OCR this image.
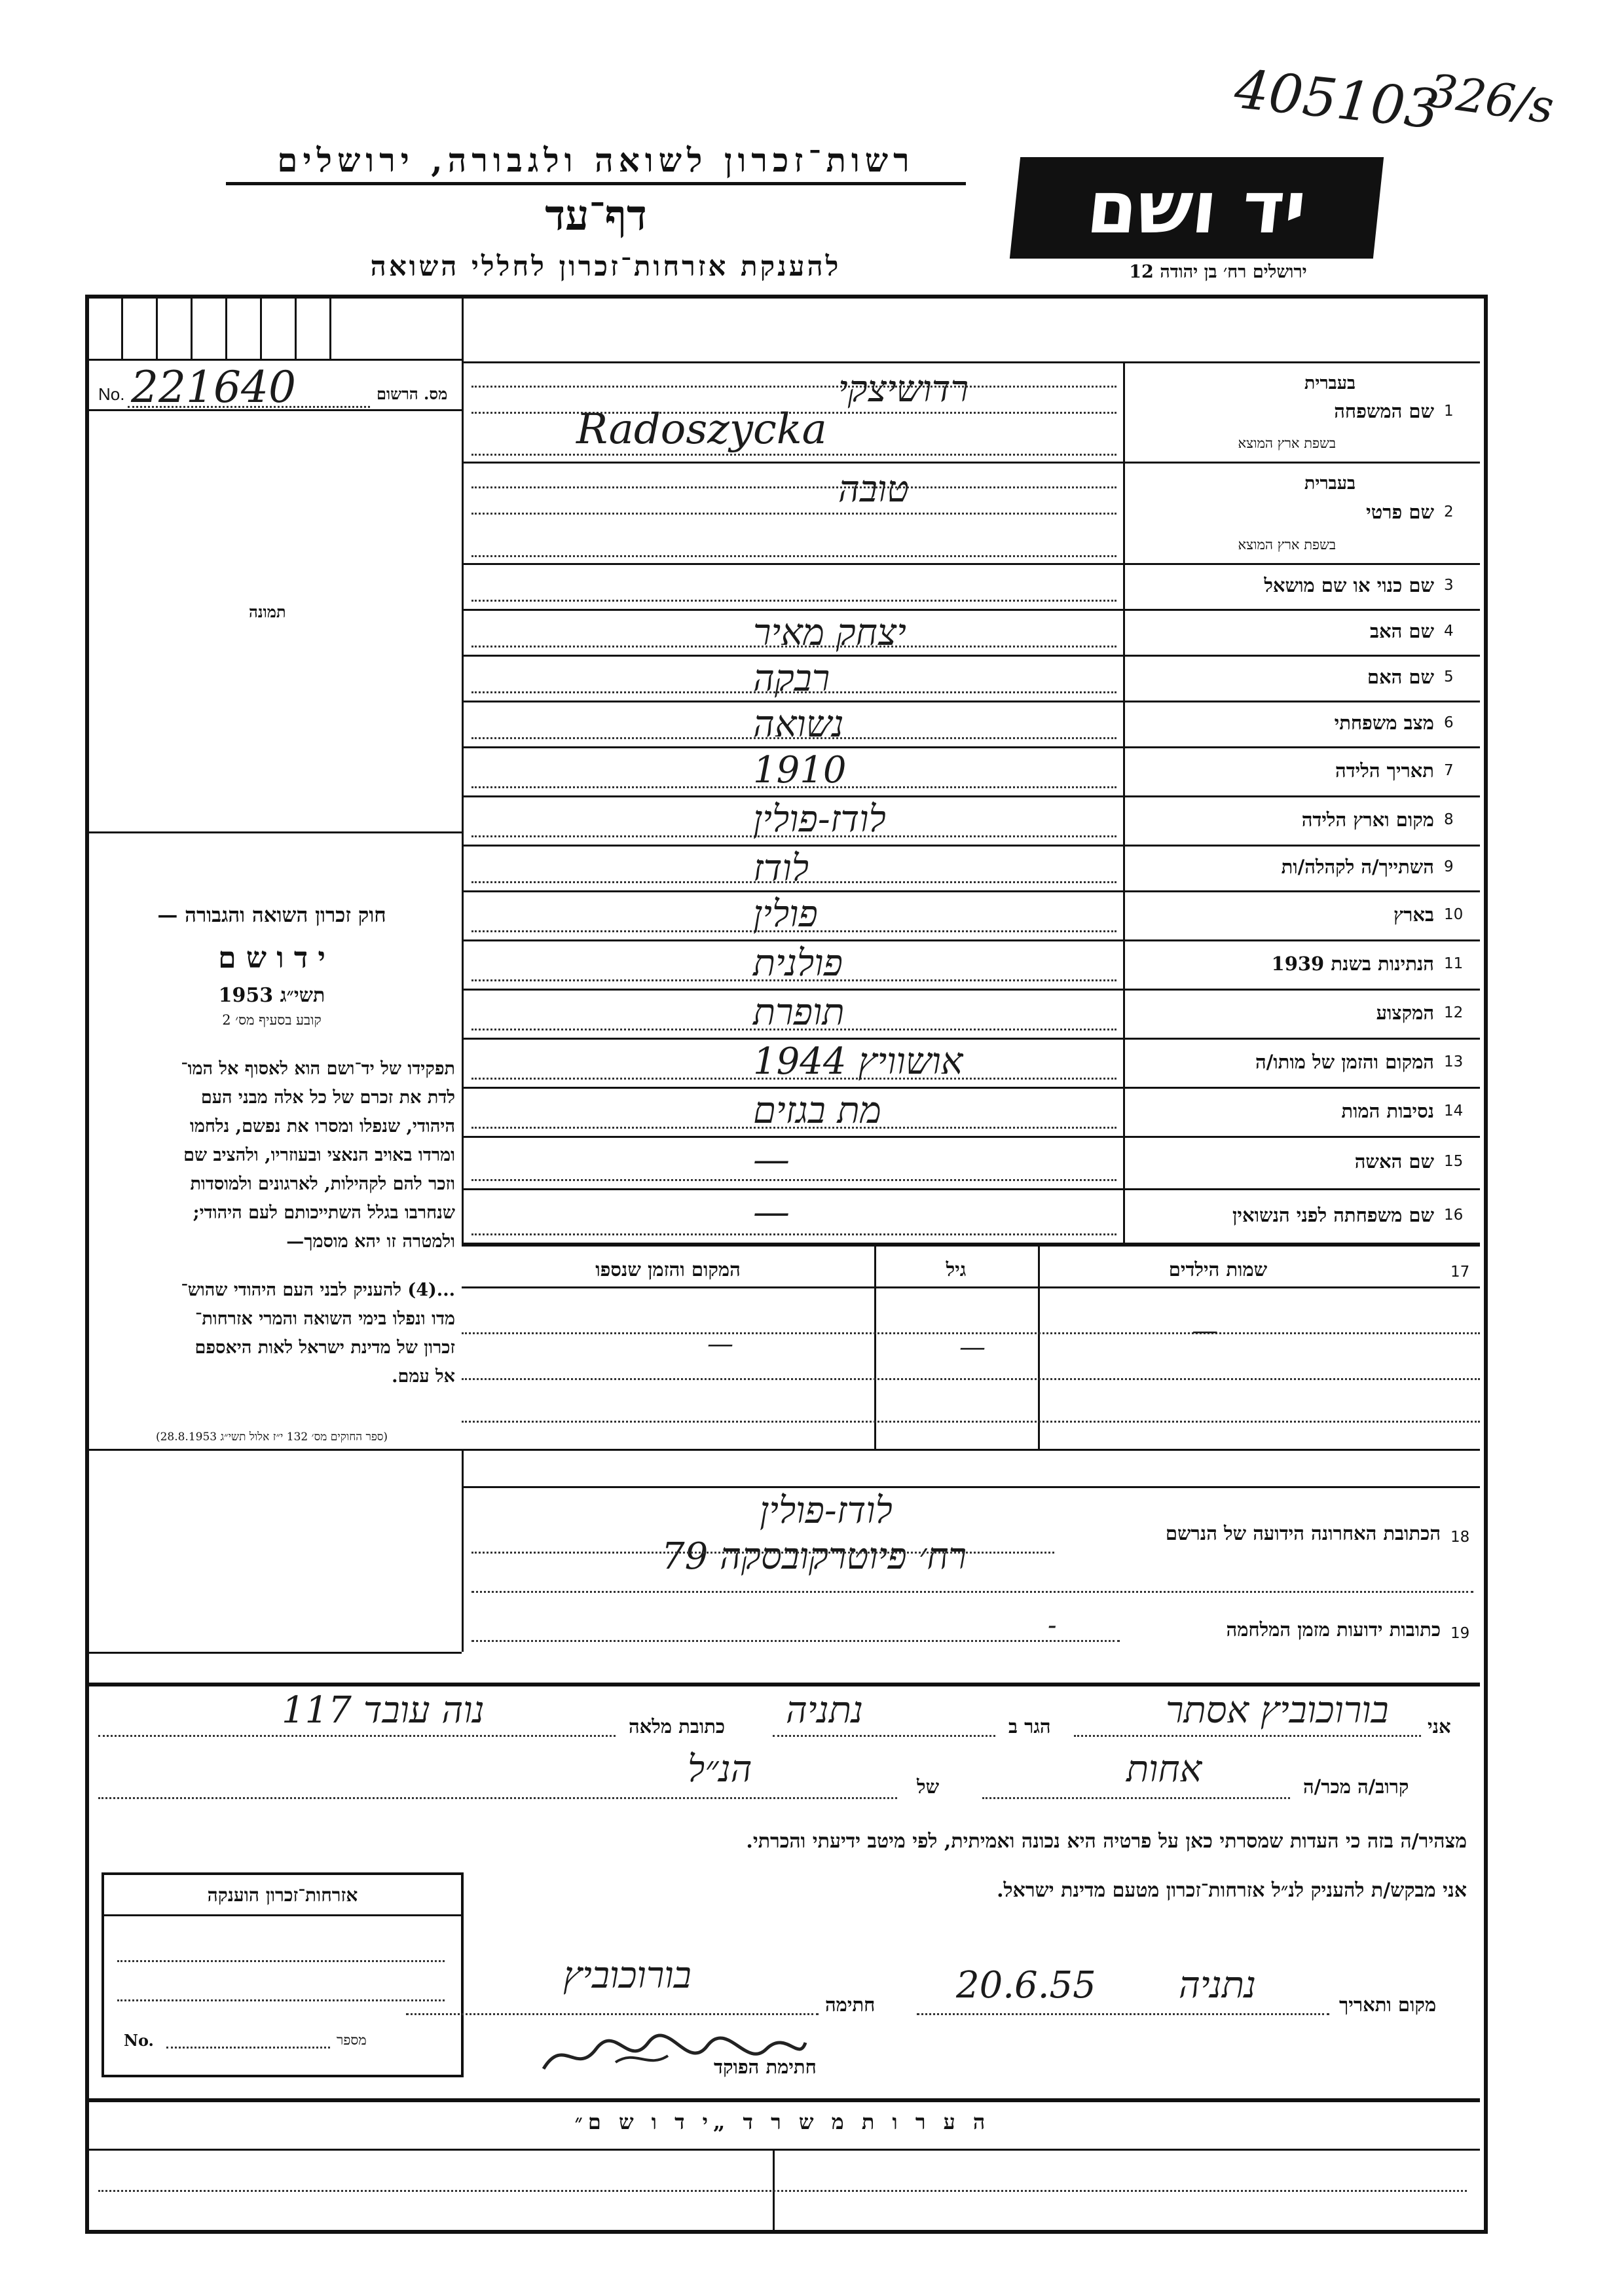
405103
326/s
רשות־זכרון לשואה ולגבורה, ירושלים
דף־עד
להענקת אזרחות־זכרון לחללי השואה
יד ושם
ירושלים רח׳ בן יהודה 12
No. 221640	מס. הרשום
תמונה
חוק זכרון השואה והגבורה —
י ד ו ש ם
תשי״ג 1953
קובע בסעיף מס׳ 2
תפקידו של יד־ושם הוא לאסוף אל המו־
לדת את זכרם של כל אלה מבני העם
היהודי, שנפלו ומסרו את נפשם, נלחמו
ומרדו באויב הנאצי ובעוזריו, ולהציב שם
וזכר להם לקהילות, לארגונים ולמוסדות
שנחרבו בגלל השתייכותם לעם היהודי;
ולמטרה זו יהא מוסמך—
...(4) להעניק לבני העם היהודי שהוש־
מדו ונפלו בימי השואה והמרי אזרחות־
זכרון של מדינת ישראל לאות היאספם
אל עמם.
(ספר החוקים מס׳ 132 י״ז אלול תשי״ג 28.8.1953)
1
שם המשפחה
בעברית
בשפת ארץ המוצא
רדושיצקי
Radoszycka
2
שם פרטי
בעברית
בשפת ארץ המוצא
טובה
3
שם כנוי או שם מושאל
4
שם האב
יצחק מאיר
5
שם האם
רבקה
6
מצב משפחתי
נשואה
7
תאריך הלידה
1910
8
מקום וארץ הלידה
לודז-פולין
9
השתייך/ה לקהלה/ות
לודז
10
בארץ
פולין
11
הנתינות בשנת 1939
פולנית
12
המקצוע
תופרת
13
המקום והזמן של מותו/ה
אושוויץ 1944
14
נסיבות המות
מת בגזים
15
שם האשה
—
16
שם משפחתה לפני הנשואין
—
17
שמות הילדים
גיל
המקום והזמן שנספו
—
—
—
18
הכתובת האחרונה הידועה של הנרשם
לודז-פולין
רח׳ פיוטרקובסקה 79
19
כתובות ידועות מזמן המלחמה
-
אני
בורוכוביץ אסתר
הגר ב
נתניה
כתובת מלאה
נוה עובד 117
קרוב/ה מכר/ה
אחות
של
הנ״ל
מצהיר/ה בזה כי העדות שמסרתי כאן על פרטיה היא נכונה ואמיתית, לפי מיטב ידיעתי והכרתי.
אני מבקש/ת להעניק לנ״ל אזרחות־זכרון מטעם מדינת ישראל.
אזרחות־זכרון הוענקה
No.	מספר
מקום ותאריך
נתניה
20.6.55
חתימה
בורוכוביץ
חתימת הפוקד
ה ע ר ו ת מ ש ר ד „י ד ו ש ם״
